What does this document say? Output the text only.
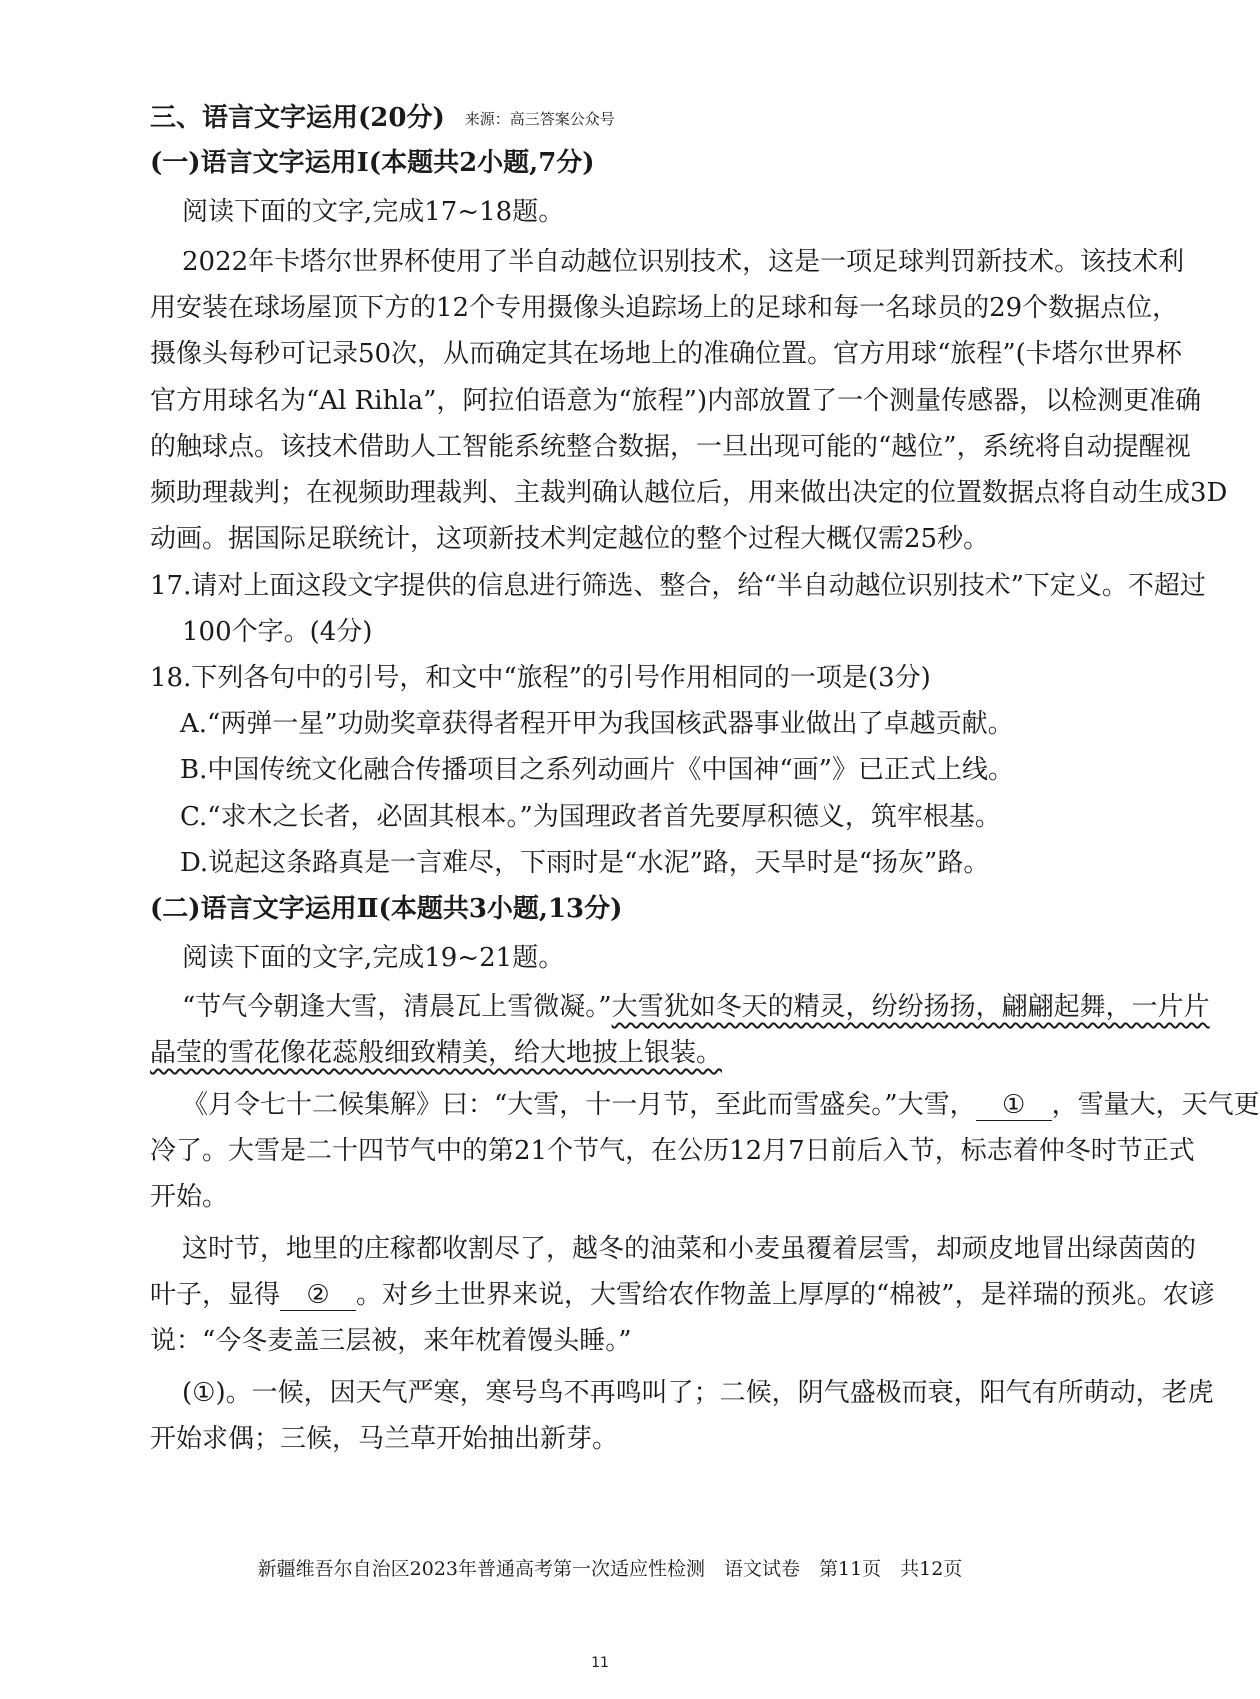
三、语言文字运用(20分) 来源：高三答案公众号
(一)语言文字运用Ⅰ(本题共2小题,7分)
阅读下面的文字,完成17~18题。
2022年卡塔尔世界杯使用了半自动越位识别技术，这是一项足球判罚新技术。该技术利
用安装在球场屋顶下方的12个专用摄像头追踪场上的足球和每一名球员的29个数据点位，
摄像头每秒可记录50次，从而确定其在场地上的准确位置。官方用球“旅程”(卡塔尔世界杯
官方用球名为“Al Rihla”，阿拉伯语意为“旅程”)内部放置了一个测量传感器，以检测更准确
的触球点。该技术借助人工智能系统整合数据，一旦出现可能的“越位”，系统将自动提醒视
频助理裁判；在视频助理裁判、主裁判确认越位后，用来做出决定的位置数据点将自动生成3D
动画。据国际足联统计，这项新技术判定越位的整个过程大概仅需25秒。
17.请对上面这段文字提供的信息进行筛选、整合，给“半自动越位识别技术”下定义。不超过
100个字。(4分)
18.下列各句中的引号，和文中“旅程”的引号作用相同的一项是(3分)
A.“两弹一星”功勋奖章获得者程开甲为我国核武器事业做出了卓越贡献。
B.中国传统文化融合传播项目之系列动画片《中国神“画”》已正式上线。
C.“求木之长者，必固其根本。”为国理政者首先要厚积德义，筑牢根基。
D.说起这条路真是一言难尽，下雨时是“水泥”路，天旱时是“扬灰”路。
(二)语言文字运用Ⅱ(本题共3小题,13分)
阅读下面的文字,完成19~21题。
“节气今朝逢大雪，清晨瓦上雪微凝。”大雪犹如冬天的精灵，纷纷扬扬，翩翩起舞，一片片
晶莹的雪花像花蕊般细致精美，给大地披上银装。
《月令七十二候集解》曰：“大雪，十一月节，至此而雪盛矣。”大雪， ① ，雪量大，天气更
冷了。大雪是二十四节气中的第21个节气，在公历12月7日前后入节，标志着仲冬时节正式
开始。
这时节，地里的庄稼都收割尽了，越冬的油菜和小麦虽覆着层雪，却顽皮地冒出绿茵茵的
叶子，显得 ② 。对乡土世界来说，大雪给农作物盖上厚厚的“棉被”，是祥瑞的预兆。农谚
说：“今冬麦盖三层被，来年枕着馒头睡。”
(①)。一候，因天气严寒，寒号鸟不再鸣叫了；二候，阴气盛极而衰，阳气有所萌动，老虎
开始求偶；三候，马兰草开始抽出新芽。
新疆维吾尔自治区2023年普通高考第一次适应性检测　语文试卷　第11页　共12页
11
